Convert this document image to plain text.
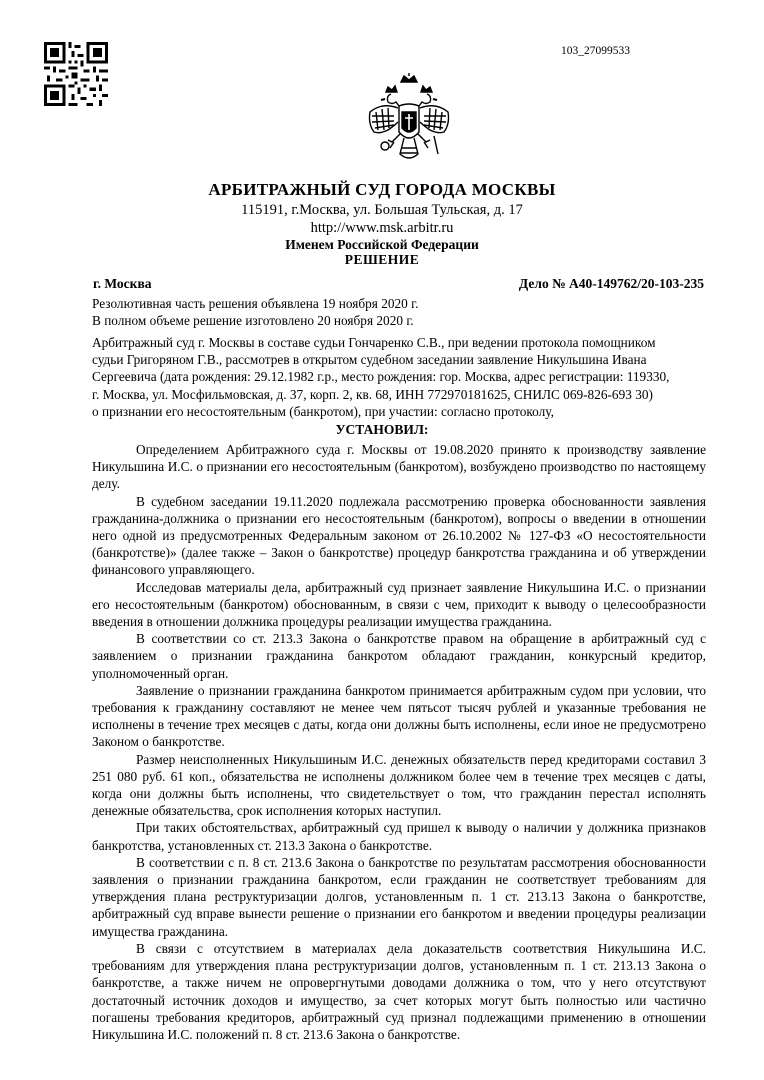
103_27099533
АРБИТРАЖНЫЙ СУД ГОРОДА МОСКВЫ
115191, г.Москва, ул. Большая Тульская, д. 17
http://www.msk.arbitr.ru
Именем Российской Федерации
РЕШЕНИЕ
г. Москва	Дело № А40-149762/20-103-235
Резолютивная часть решения объявлена 19 ноября 2020 г.
В полном объеме решение изготовлено 20 ноября 2020 г.
Арбитражный суд г. Москвы в составе судьи Гончаренко С.В., при ведении протокола помощником
судьи Григоряном Г.В., рассмотрев в открытом судебном заседании заявление Никульшина Ивана
Сергеевича (дата рождения: 29.12.1982 г.р., место рождения: гор. Москва, адрес регистрации: 119330,
г. Москва, ул. Мосфильмовская, д. 37, корп. 2, кв. 68, ИНН 772970181625, СНИЛС 069-826-693 30)
о признании его несостоятельным (банкротом), при участии: согласно протоколу,
УСТАНОВИЛ:

Определением Арбитражного суда г. Москвы от 19.08.2020 принято к производству заявление Никульшина И.С. о признании его несостоятельным (банкротом), возбуждено производство по настоящему делу.

В судебном заседании 19.11.2020 подлежала рассмотрению проверка обоснованности заявления гражданина-должника о признании его несостоятельным (банкротом), вопросы о введении в отношении него одной из предусмотренных Федеральным законом от 26.10.2002 № 127-ФЗ «О несостоятельности (банкротстве)» (далее также – Закон о банкротстве) процедур банкротства гражданина и об утверждении финансового управляющего.

Исследовав материалы дела, арбитражный суд признает заявление Никульшина И.С. о признании его несостоятельным (банкротом) обоснованным, в связи с чем, приходит к выводу о целесообразности введения в отношении должника процедуры реализации имущества гражданина.

В соответствии со ст. 213.3 Закона о банкротстве правом на обращение в арбитражный суд с заявлением о признании гражданина банкротом обладают гражданин, конкурсный кредитор, уполномоченный орган.

Заявление о признании гражданина банкротом принимается арбитражным судом при условии, что требования к гражданину составляют не менее чем пятьсот тысяч рублей и указанные требования не исполнены в течение трех месяцев с даты, когда они должны быть исполнены, если иное не предусмотрено Законом о банкротстве.

Размер неисполненных Никульшиным И.С. денежных обязательств перед кредиторами составил 3 251 080 руб. 61 коп., обязательства не исполнены должником более чем в течение трех месяцев с даты, когда они должны быть исполнены, что свидетельствует о том, что гражданин перестал исполнять денежные обязательства, срок исполнения которых наступил.

При таких обстоятельствах, арбитражный суд пришел к выводу о наличии у должника признаков банкротства, установленных ст. 213.3 Закона о банкротстве.

В соответствии с п. 8 ст. 213.6 Закона о банкротстве по результатам рассмотрения обоснованности заявления о признании гражданина банкротом, если гражданин не соответствует требованиям для утверждения плана реструктуризации долгов, установленным п. 1 ст. 213.13 Закона о банкротстве, арбитражный суд вправе вынести решение о признании его банкротом и введении процедуры реализации имущества гражданина.

В связи с отсутствием в материалах дела доказательств соответствия Никульшина И.С. требованиям для утверждения плана реструктуризации долгов, установленным п. 1 ст. 213.13 Закона о банкротстве, а также ничем не опровергнутыми доводами должника о том, что у него отсутствуют достаточный источник доходов и имущество, за счет которых могут быть полностью или частично погашены требования кредиторов, арбитражный суд признал подлежащими применению в отношении Никульшина И.С. положений п. 8 ст. 213.6 Закона о банкротстве.
